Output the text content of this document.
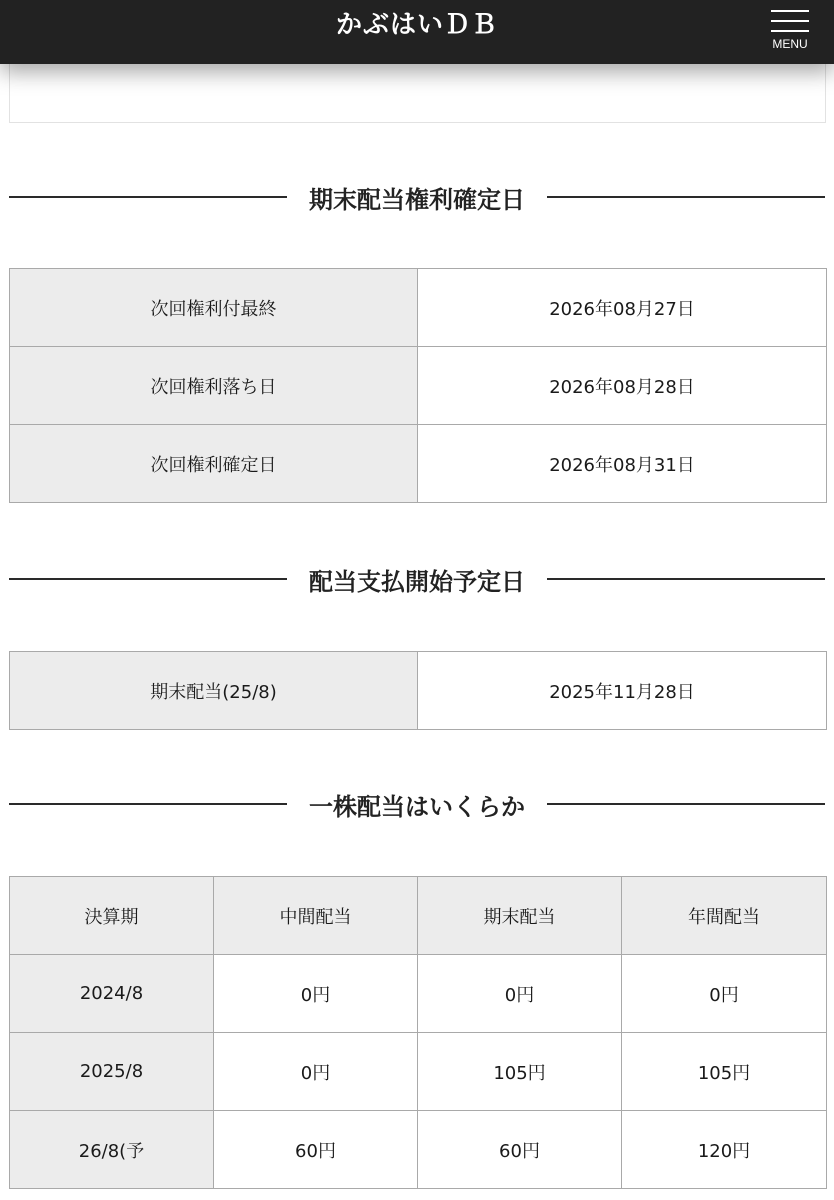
かぶはいＤＢ
MENU
期末配当権利確定日
次回権利付最終	2026年08月27日
次回権利落ち日	2026年08月28日
次回権利確定日	2026年08月31日
配当支払開始予定日
期末配当(25/8)	2025年11月28日
一株配当はいくらか
決算期	中間配当	期末配当	年間配当
2024/8	0円	0円	0円
2025/8	0円	105円	105円
26/8(予	60円	60円	120円
